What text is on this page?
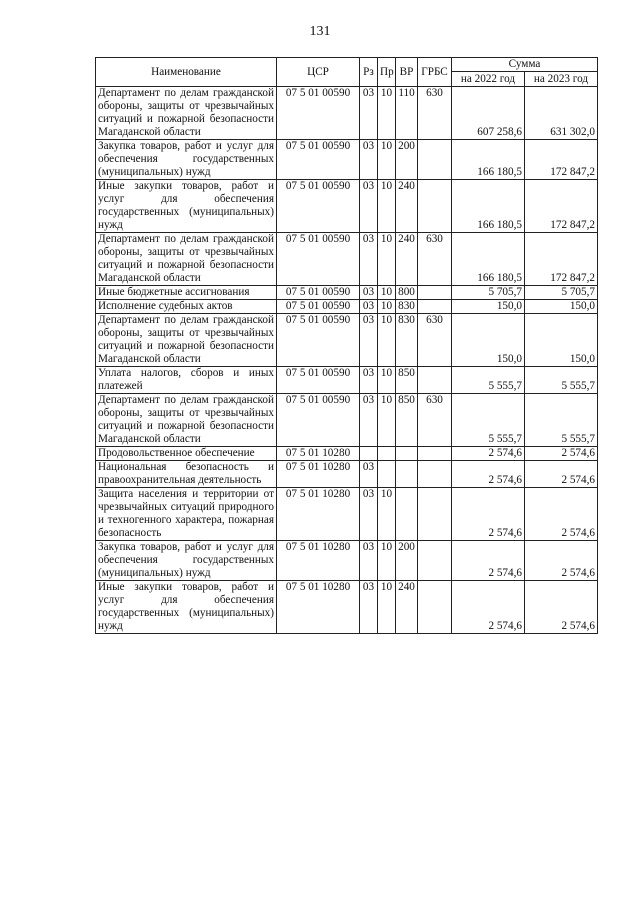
131
Наименование	ЦСР	Рз	Пр	ВР	ГРБС	Сумма	
						на 2022 год	на 2023 год
Департамент по делам гражданской обороны, защиты от чрезвычайных ситуаций и пожарной безопасности Магаданской области	07 5 01 00590	03	10	110	630	607 258,6	631 302,0
Закупка товаров, работ и услуг для обеспечения государственных (муниципальных) нужд	07 5 01 00590	03	10	200		166 180,5	172 847,2
Иные закупки товаров, работ и услуг для обеспечения государственных (муниципальных) нужд	07 5 01 00590	03	10	240		166 180,5	172 847,2
Департамент по делам гражданской обороны, защиты от чрезвычайных ситуаций и пожарной безопасности Магаданской области	07 5 01 00590	03	10	240	630	166 180,5	172 847,2
Иные бюджетные ассигнования	07 5 01 00590	03	10	800		5 705,7	5 705,7
Исполнение судебных актов	07 5 01 00590	03	10	830		150,0	150,0
Департамент по делам гражданской обороны, защиты от чрезвычайных ситуаций и пожарной безопасности Магаданской области	07 5 01 00590	03	10	830	630	150,0	150,0
Уплата налогов, сборов и иных платежей	07 5 01 00590	03	10	850		5 555,7	5 555,7
Департамент по делам гражданской обороны, защиты от чрезвычайных ситуаций и пожарной безопасности Магаданской области	07 5 01 00590	03	10	850	630	5 555,7	5 555,7
Продовольственное обеспечение	07 5 01 10280					2 574,6	2 574,6
Национальная безопасность и правоохранительная деятельность	07 5 01 10280	03				2 574,6	2 574,6
Защита населения и территории от чрезвычайных ситуаций природного и техногенного характера, пожарная безопасность	07 5 01 10280	03	10			2 574,6	2 574,6
Закупка товаров, работ и услуг для обеспечения государственных (муниципальных) нужд	07 5 01 10280	03	10	200		2 574,6	2 574,6
Иные закупки товаров, работ и услуг для обеспечения государственных (муниципальных) нужд	07 5 01 10280	03	10	240		2 574,6	2 574,6
